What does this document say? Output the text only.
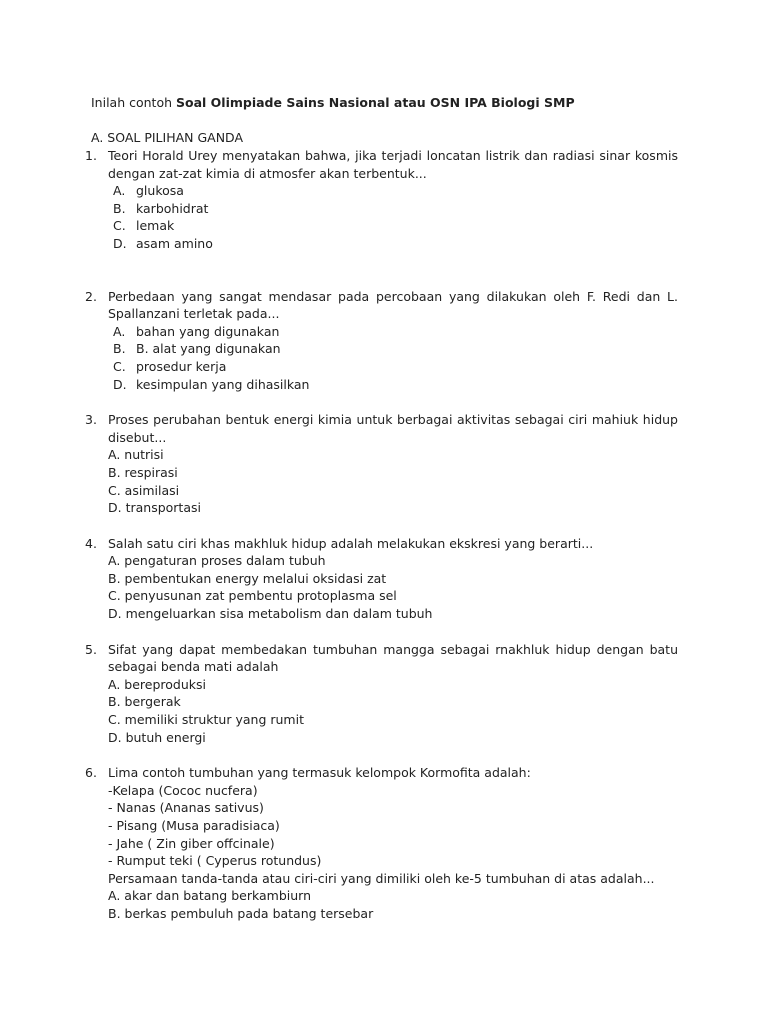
Inilah contoh Soal Olimpiade Sains Nasional atau OSN IPA Biologi SMP
A. SOAL PILIHAN GANDA
1. Teori Horald Urey menyatakan bahwa, jika terjadi loncatan listrik dan radiasi sinar kosmis dengan zat-zat kimia di atmosfer akan terbentuk...
A. glukosa
B. karbohidrat
C. lemak
D. asam amino
2. Perbedaan yang sangat mendasar pada percobaan yang dilakukan oleh F. Redi dan L. Spallanzani terletak pada...
A. bahan yang digunakan
B. B. alat yang digunakan
C. prosedur kerja
D. kesimpulan yang dihasilkan
3. Proses perubahan bentuk energi kimia untuk berbagai aktivitas sebagai ciri mahiuk hidup disebut...
A. nutrisi
B. respirasi
C. asimilasi
D. transportasi
4. Salah satu ciri khas makhluk hidup adalah melakukan ekskresi yang berarti...
A. pengaturan proses dalam tubuh
B. pembentukan energy melalui oksidasi zat
C. penyusunan zat pembentu protoplasma sel
D. mengeluarkan sisa metabolism dan dalam tubuh
5. Sifat yang dapat membedakan tumbuhan mangga sebagai rnakhluk hidup dengan batu sebagai benda mati adalah
A. bereproduksi
B. bergerak
C. memiliki struktur yang rumit
D. butuh energi
6. Lima contoh tumbuhan yang termasuk kelompok Kormofita adalah:
-Kelapa (Cococ nucfera)
- Nanas (Ananas sativus)
- Pisang (Musa paradisiaca)
- Jahe ( Zin giber offcinale)
- Rumput teki ( Cyperus rotundus)
Persamaan tanda-tanda atau ciri-ciri yang dimiliki oleh ke-5 tumbuhan di atas adalah...
A. akar dan batang berkambiurn
B. berkas pembuluh pada batang tersebar
